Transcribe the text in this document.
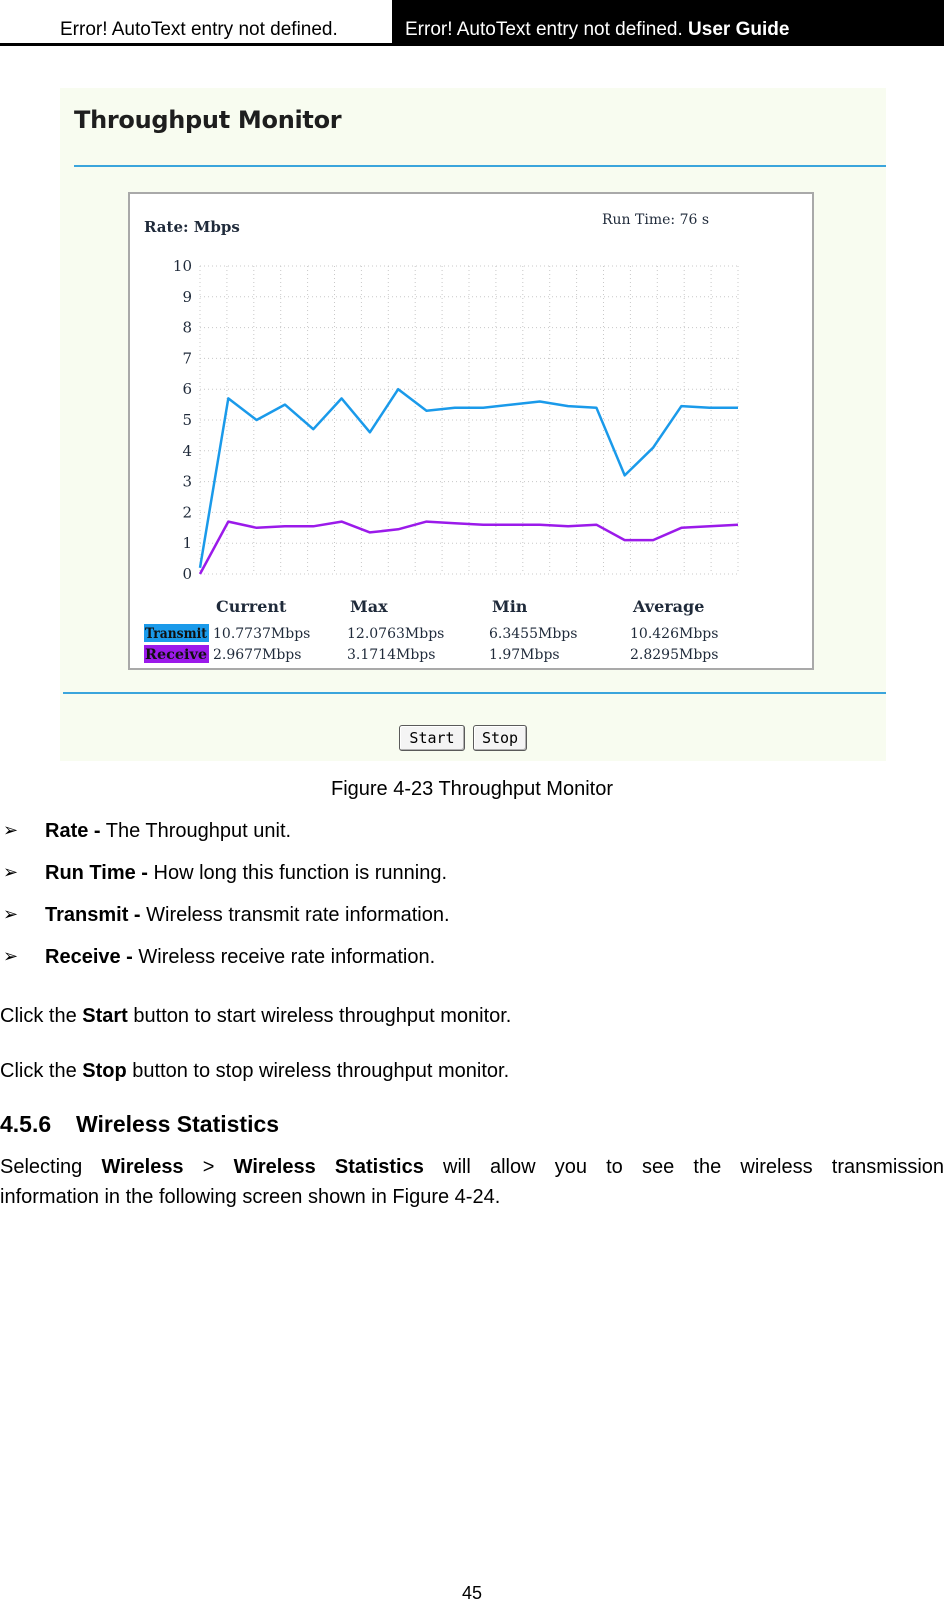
Error! AutoText entry not defined.	Error! AutoText entry not defined. User Guide
Throughput Monitor
Rate: Mbps	Run Time: 76 s
0
1
2
3
4
5
6
7
8
9
10
Current	Max	Min	Average
Transmit 10.7737Mbps	12.0763Mbps	6.3455Mbps	10.426Mbps
Receive 2.9677Mbps	3.1714Mbps	1.97Mbps	2.8295Mbps
Start	Stop
Figure 4-23 Throughput Monitor
➢ Rate - The Throughput unit.
➢ Run Time - How long this function is running.
➢ Transmit - Wireless transmit rate information.
➢ Receive - Wireless receive rate information.
Click the Start button to start wireless throughput monitor.
Click the Stop button to stop wireless throughput monitor.
4.5.6 Wireless Statistics
Selecting Wireless > Wireless Statistics will allow you to see the wireless transmission
information in the following screen shown in Figure 4-24.
45
